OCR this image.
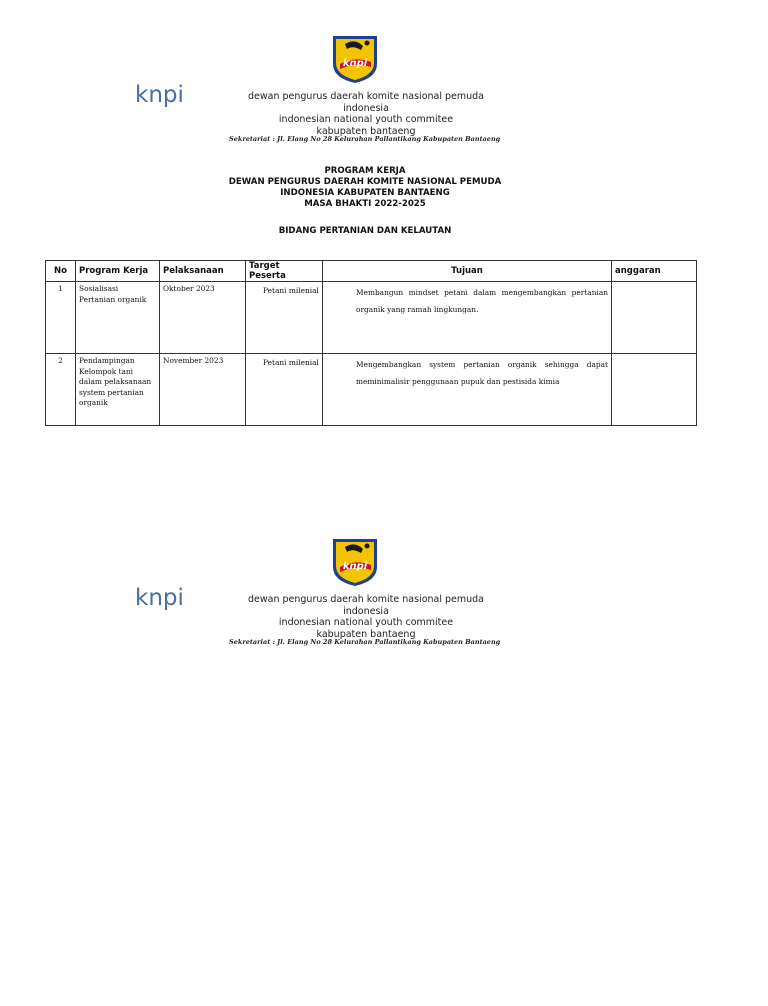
knpi
knpi	dewan pengurus daerah komite nasional pemuda indonesia
indonesian national youth commitee
kabupaten bantaeng
Sekretariat : Jl. Elang No 28 Kelurahan Pallantikang Kabupaten Bantaeng
PROGRAM KERJA
DEWAN PENGURUS DAERAH KOMITE NASIONAL PEMUDA
INDONESIA KABUPATEN BANTAENG
MASA BHAKTI 2022-2025
BIDANG PERTANIAN DAN KELAUTAN
No	Program Kerja	Pelaksanaan	Target Peserta	Tujuan	anggaran
1	Sosialisasi Pertanian organik	Oktober 2023	Petani milenial	Membangun mindset petani dalam mengembangkan pertanian organik yang ramah lingkungan.	
2	Pendampingan Kelompok tani dalam pelaksanaan system pertanian organik	November 2023	Petani milenial	Mengembangkan system pertanian organik sehingga dapat meminimalisir penggunaan pupuk dan pestisida kimia	
knpi
knpi	dewan pengurus daerah komite nasional pemuda indonesia
indonesian national youth commitee
kabupaten bantaeng
Sekretariat : Jl. Elang No 28 Kelurahan Pallantikang Kabupaten Bantaeng
